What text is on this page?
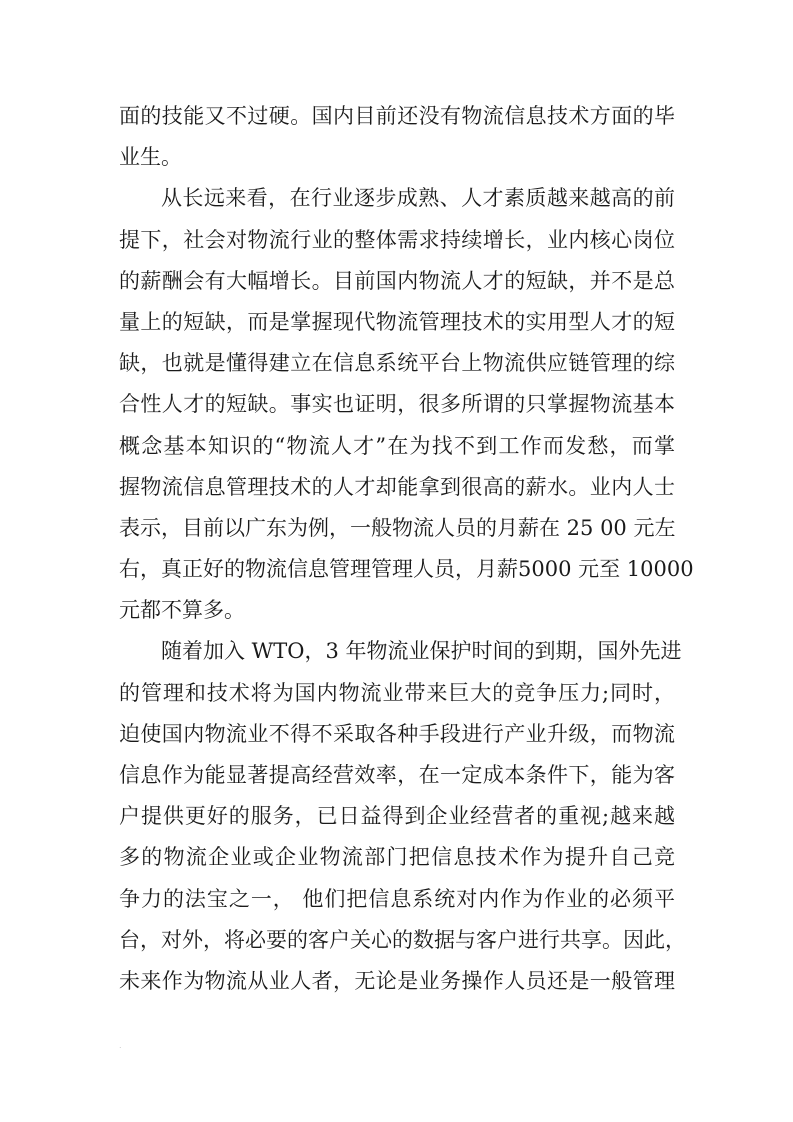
面的技能又不过硬。国内目前还没有物流信息技术方面的毕
业生。
从长远来看，在行业逐步成熟、人才素质越来越高的前
提下，社会对物流行业的整体需求持续增长，业内核心岗位
的薪酬会有大幅增长。目前国内物流人才的短缺，并不是总
量上的短缺，而是掌握现代物流管理技术的实用型人才的短
缺，也就是懂得建立在信息系统平台上物流供应链管理的综
合性人才的短缺。事实也证明，很多所谓的只掌握物流基本
概念基本知识的“物流人才”在为找不到工作而发愁，而掌
握物流信息管理技术的人才却能拿到很高的薪水。业内人士
表示，目前以广东为例，一般物流人员的月薪在 25 00 元左
右，真正好的物流信息管理管理人员，月薪5000 元至 10000
元都不算多。
随着加入 WTO，3 年物流业保护时间的到期，国外先进
的管理和技术将为国内物流业带来巨大的竞争压力;同时，
迫使国内物流业不得不采取各种手段进行产业升级，而物流
信息作为能显著提高经营效率，在一定成本条件下，能为客
户提供更好的服务，已日益得到企业经营者的重视;越来越
多的物流企业或企业物流部门把信息技术作为提升自己竞
争力的法宝之一， 他们把信息系统对内作为作业的必须平
台，对外，将必要的客户关心的数据与客户进行共享。因此，
未来作为物流从业人者，无论是业务操作人员还是一般管理
.
